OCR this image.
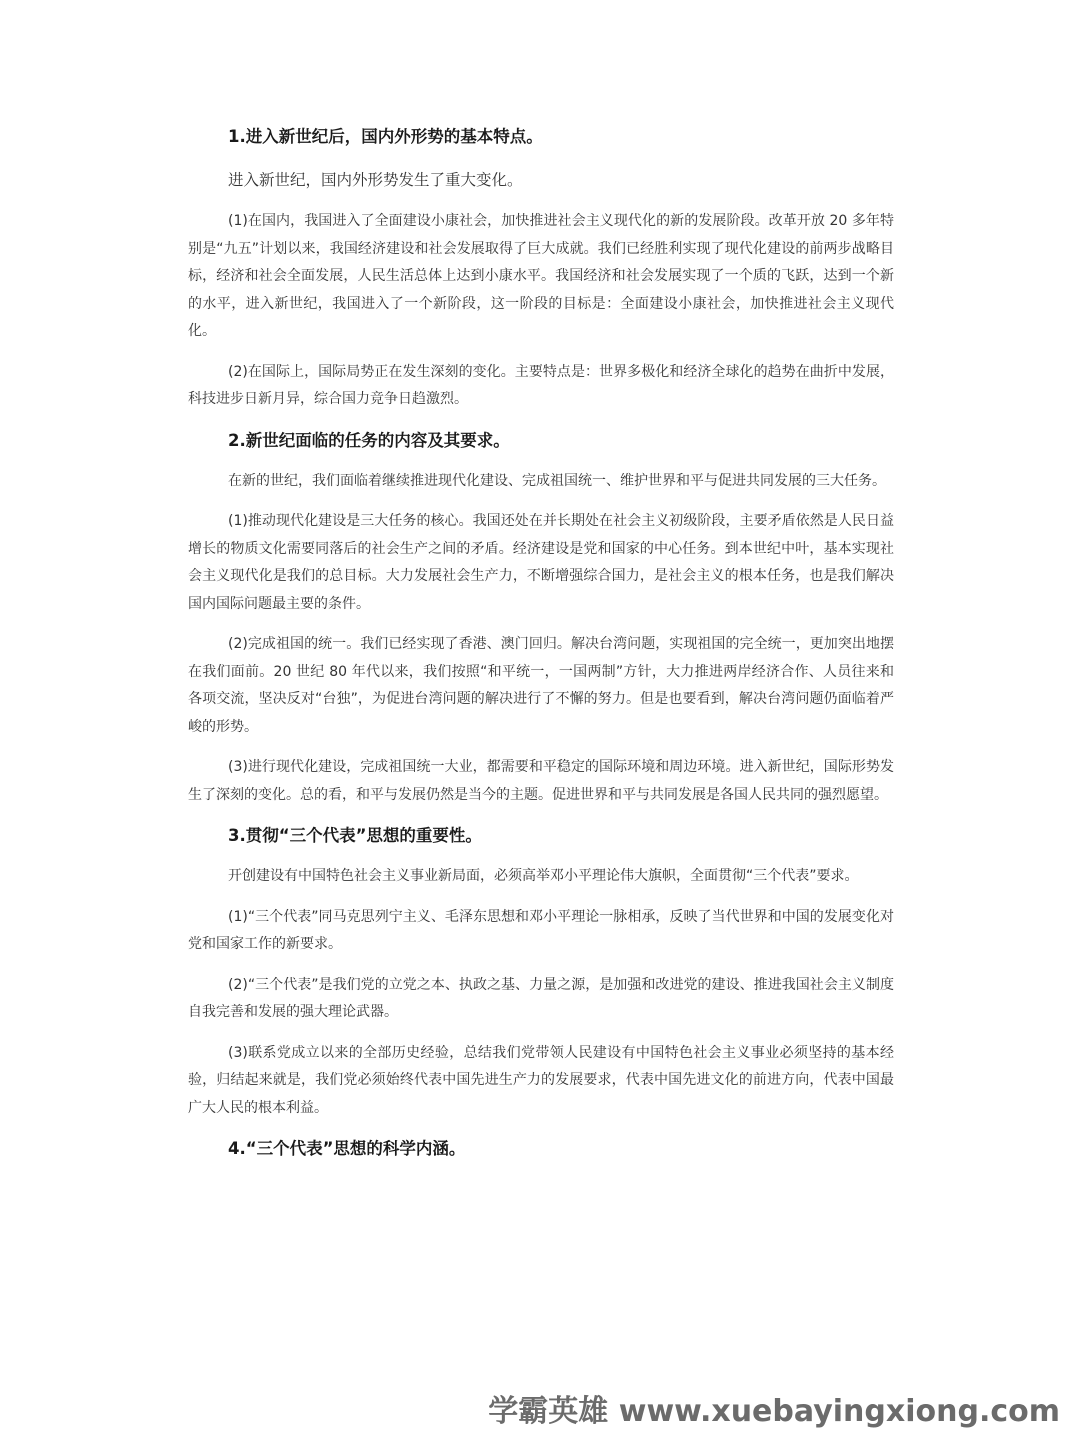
1.进入新世纪后，国内外形势的基本特点。

进入新世纪，国内外形势发生了重大变化。

(1)在国内，我国进入了全面建设小康社会，加快推进社会主义现代化的新的发展阶段。改革开放 20 多年特别是“九五”计划以来，我国经济建设和社会发展取得了巨大成就。我们已经胜利实现了现代化建设的前两步战略目标，经济和社会全面发展，人民生活总体上达到小康水平。我国经济和社会发展实现了一个质的飞跃，达到一个新的水平，进入新世纪，我国进入了一个新阶段，这一阶段的目标是：全面建设小康社会，加快推进社会主义现代化。

(2)在国际上，国际局势正在发生深刻的变化。主要特点是：世界多极化和经济全球化的趋势在曲折中发展，科技进步日新月异，综合国力竞争日趋激烈。

2.新世纪面临的任务的内容及其要求。

在新的世纪，我们面临着继续推进现代化建设、完成祖国统一、维护世界和平与促进共同发展的三大任务。

(1)推动现代化建设是三大任务的核心。我国还处在并长期处在社会主义初级阶段，主要矛盾依然是人民日益增长的物质文化需要同落后的社会生产之间的矛盾。经济建设是党和国家的中心任务。到本世纪中叶，基本实现社会主义现代化是我们的总目标。大力发展社会生产力，不断增强综合国力，是社会主义的根本任务，也是我们解决国内国际问题最主要的条件。

(2)完成祖国的统一。我们已经实现了香港、澳门回归。解决台湾问题，实现祖国的完全统一，更加突出地摆在我们面前。20 世纪 80 年代以来，我们按照“和平统一，一国两制”方针，大力推进两岸经济合作、人员往来和各项交流，坚决反对“台独”，为促进台湾问题的解决进行了不懈的努力。但是也要看到，解决台湾问题仍面临着严峻的形势。

(3)进行现代化建设，完成祖国统一大业，都需要和平稳定的国际环境和周边环境。进入新世纪，国际形势发生了深刻的变化。总的看，和平与发展仍然是当今的主题。促进世界和平与共同发展是各国人民共同的强烈愿望。

3.贯彻“三个代表”思想的重要性。

开创建设有中国特色社会主义事业新局面，必须高举邓小平理论伟大旗帜，全面贯彻“三个代表”要求。

(1)“三个代表”同马克思列宁主义、毛泽东思想和邓小平理论一脉相承，反映了当代世界和中国的发展变化对党和国家工作的新要求。

(2)“三个代表”是我们党的立党之本、执政之基、力量之源，是加强和改进党的建设、推进我国社会主义制度自我完善和发展的强大理论武器。

(3)联系党成立以来的全部历史经验，总结我们党带领人民建设有中国特色社会主义事业必须坚持的基本经验，归结起来就是，我们党必须始终代表中国先进生产力的发展要求，代表中国先进文化的前进方向，代表中国最广大人民的根本利益。

4.“三个代表”思想的科学内涵。
学霸英雄 www.xuebayingxiong.com
